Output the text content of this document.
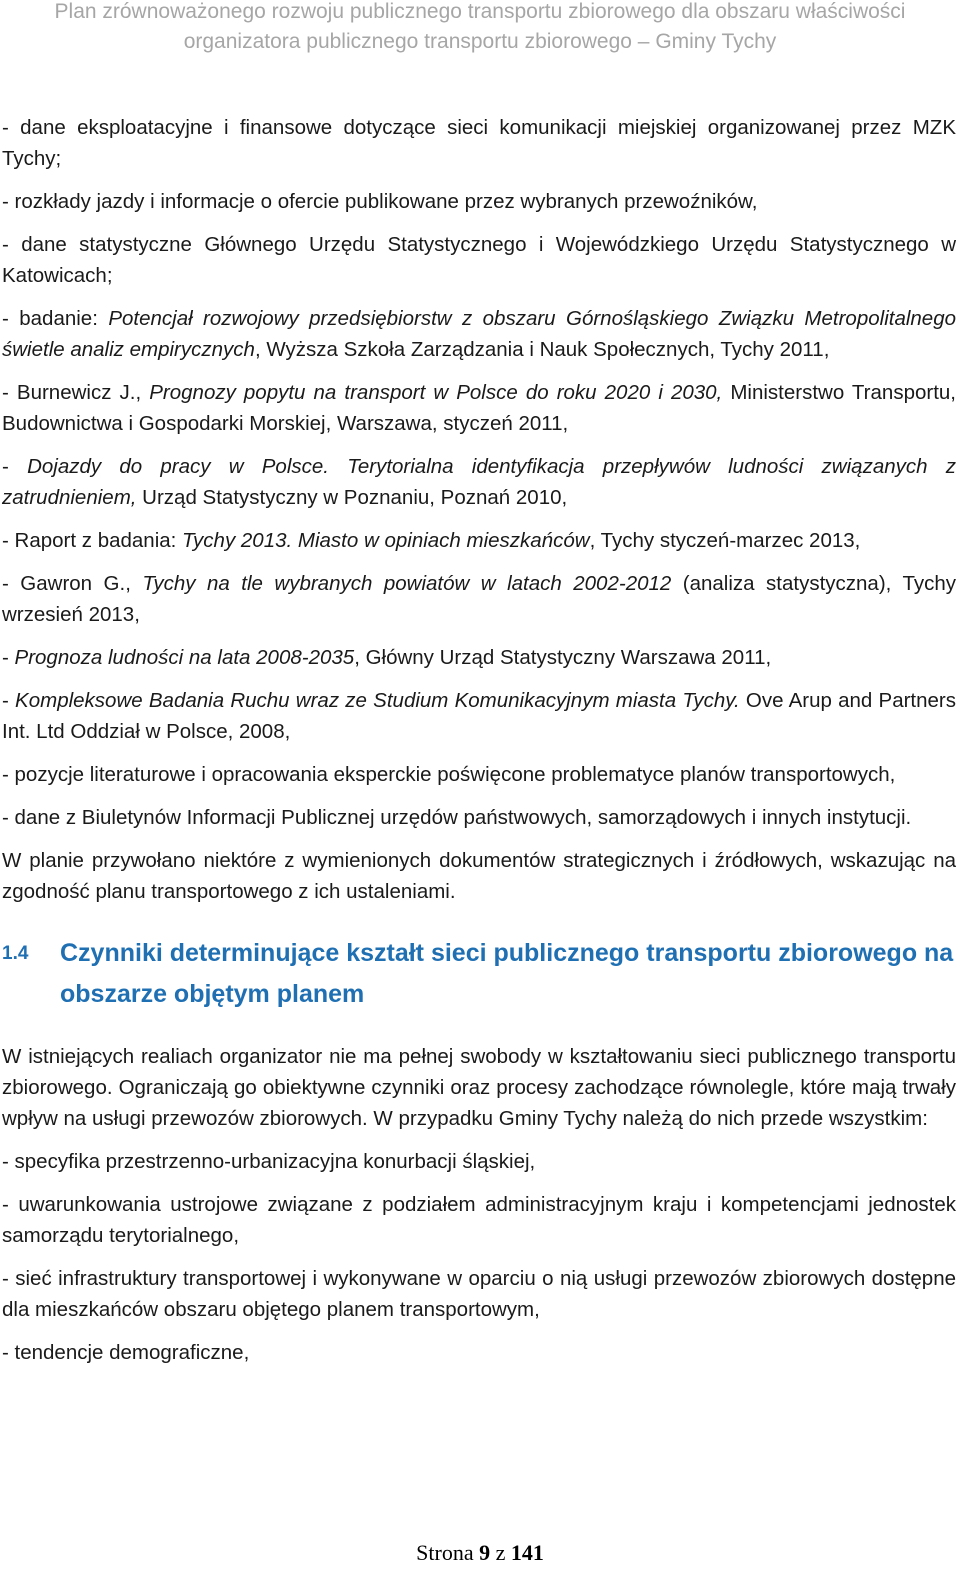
Plan zrównoważonego rozwoju publicznego transportu zbiorowego dla obszaru właściwości
organizatora publicznego transportu zbiorowego – Gminy Tychy

- dane eksploatacyjne i finansowe dotyczące sieci komunikacji miejskiej organizowanej przez MZK Tychy;

- rozkłady jazdy i informacje o ofercie publikowane przez wybranych przewoźników,

- dane statystyczne Głównego Urzędu Statystycznego i Wojewódzkiego Urzędu Statystycznego w Katowicach;

- badanie: Potencjał rozwojowy przedsiębiorstw z obszaru Górnośląskiego Związku Metropolitalnego świetle analiz empirycznych, Wyższa Szkoła Zarządzania i Nauk Społecznych, Tychy 2011,

- Burnewicz J., Prognozy popytu na transport w Polsce do roku 2020 i 2030, Ministerstwo Transportu, Budownictwa i Gospodarki Morskiej, Warszawa, styczeń 2011,

- Dojazdy do pracy w Polsce. Terytorialna identyfikacja przepływów ludności związanych z zatrudnieniem, Urząd Statystyczny w Poznaniu, Poznań 2010,

- Raport z badania: Tychy 2013. Miasto w opiniach mieszkańców, Tychy styczeń-marzec 2013,

- Gawron G., Tychy na tle wybranych powiatów w latach 2002-2012 (analiza statystyczna), Tychy wrzesień 2013,

- Prognoza ludności na lata 2008-2035, Główny Urząd Statystyczny Warszawa 2011,

- Kompleksowe Badania Ruchu wraz ze Studium Komunikacyjnym miasta Tychy. Ove Arup and Partners Int. Ltd Oddział w Polsce, 2008,

- pozycje literaturowe i opracowania eksperckie poświęcone problematyce planów transportowych,

- dane z Biuletynów Informacji Publicznej urzędów państwowych, samorządowych i innych instytucji.

W planie przywołano niektóre z wymienionych dokumentów strategicznych i źródłowych, wskazując na zgodność planu transportowego z ich ustaleniami.

1.4	Czynniki determinujące kształt sieci publicznego transportu zbiorowego na obszarze objętym planem

W istniejących realiach organizator nie ma pełnej swobody w kształtowaniu sieci publicznego transportu zbiorowego. Ograniczają go obiektywne czynniki oraz procesy zachodzące równolegle, które mają trwały wpływ na usługi przewozów zbiorowych. W przypadku Gminy Tychy należą do nich przede wszystkim:

- specyfika przestrzenno-urbanizacyjna konurbacji śląskiej,

- uwarunkowania ustrojowe związane z podziałem administracyjnym kraju i kompetencjami jednostek samorządu terytorialnego,

- sieć infrastruktury transportowej i wykonywane w oparciu o nią usługi przewozów zbiorowych dostępne dla mieszkańców obszaru objętego planem transportowym,

- tendencje demograficzne,

Strona 9 z 141
